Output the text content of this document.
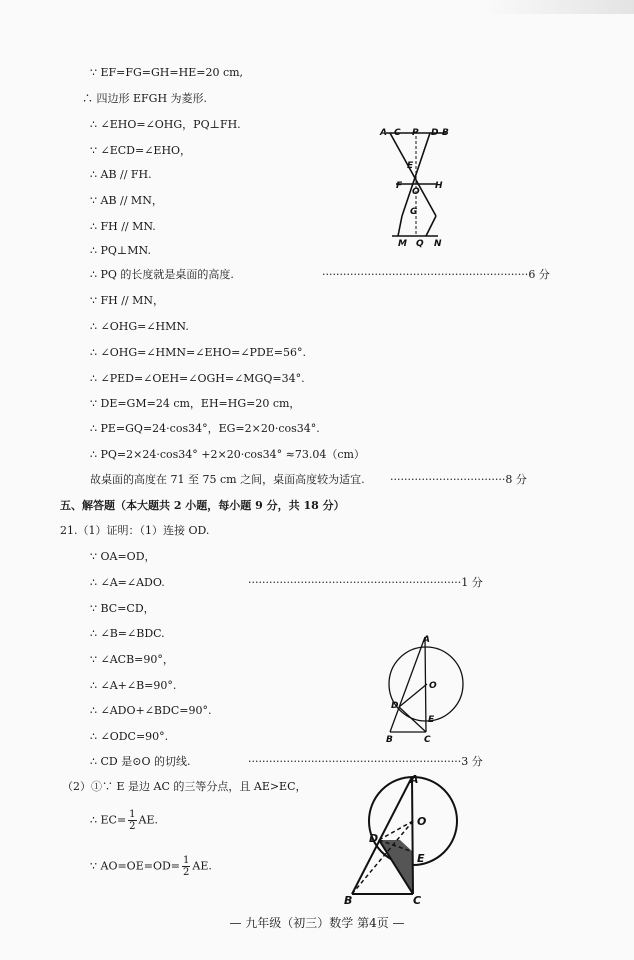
∵ EF=FG=GH=HE=20 cm,
∴ 四边形 EFGH 为菱形.
∴ ∠EHO=∠OHG，PQ⊥FH.
∵ ∠ECD=∠EHO，
∴ AB // FH.
∵ AB // MN，
∴ FH // MN.
∴ PQ⊥MN.
∴ PQ 的长度就是桌面的高度.
∵ FH // MN，
∴ ∠OHG=∠HMN.
∴ ∠OHG=∠HMN=∠EHO=∠PDE=56°.
∴ ∠PED=∠OEH=∠OGH=∠MGQ=34°.
∵ DE=GM=24 cm，EH=HG=20 cm，
∴ PE=GQ=24·cos34°，EG=2×20·cos34°.
∴ PQ=2×24·cos34° +2×20·cos34° ≈73.04（cm）
故桌面的高度在 71 至 75 cm 之间，桌面高度较为适宜.
···························································6 分
·································8 分
·····························································1 分
·····························································3 分
五、解答题（本大题共 2 小题，每小题 9 分，共 18 分）
21.（1）证明：（1）连接 OD.
∵ OA=OD，
∴ ∠A=∠ADO.
∵ BC=CD，
∴ ∠B=∠BDC.
∵ ∠ACB=90°，
∴ ∠A+∠B=90°.
∴ ∠ADO+∠BDC=90°.
∴ ∠ODC=90°.
∴ CD 是⊙O 的切线.
（2）①∵ E 是边 AC 的三等分点，且 AE>EC，
∴ $EC= \frac{1}{2}$ AE.
∵ $AO=OE=OD= \frac{1}{2}$ AE.
A C P D B
E
F
O
H
G
M Q N
A
O
D
E
B	C
A
O
D
E
B	C
— 九年级（初三）数学 第4页 —
